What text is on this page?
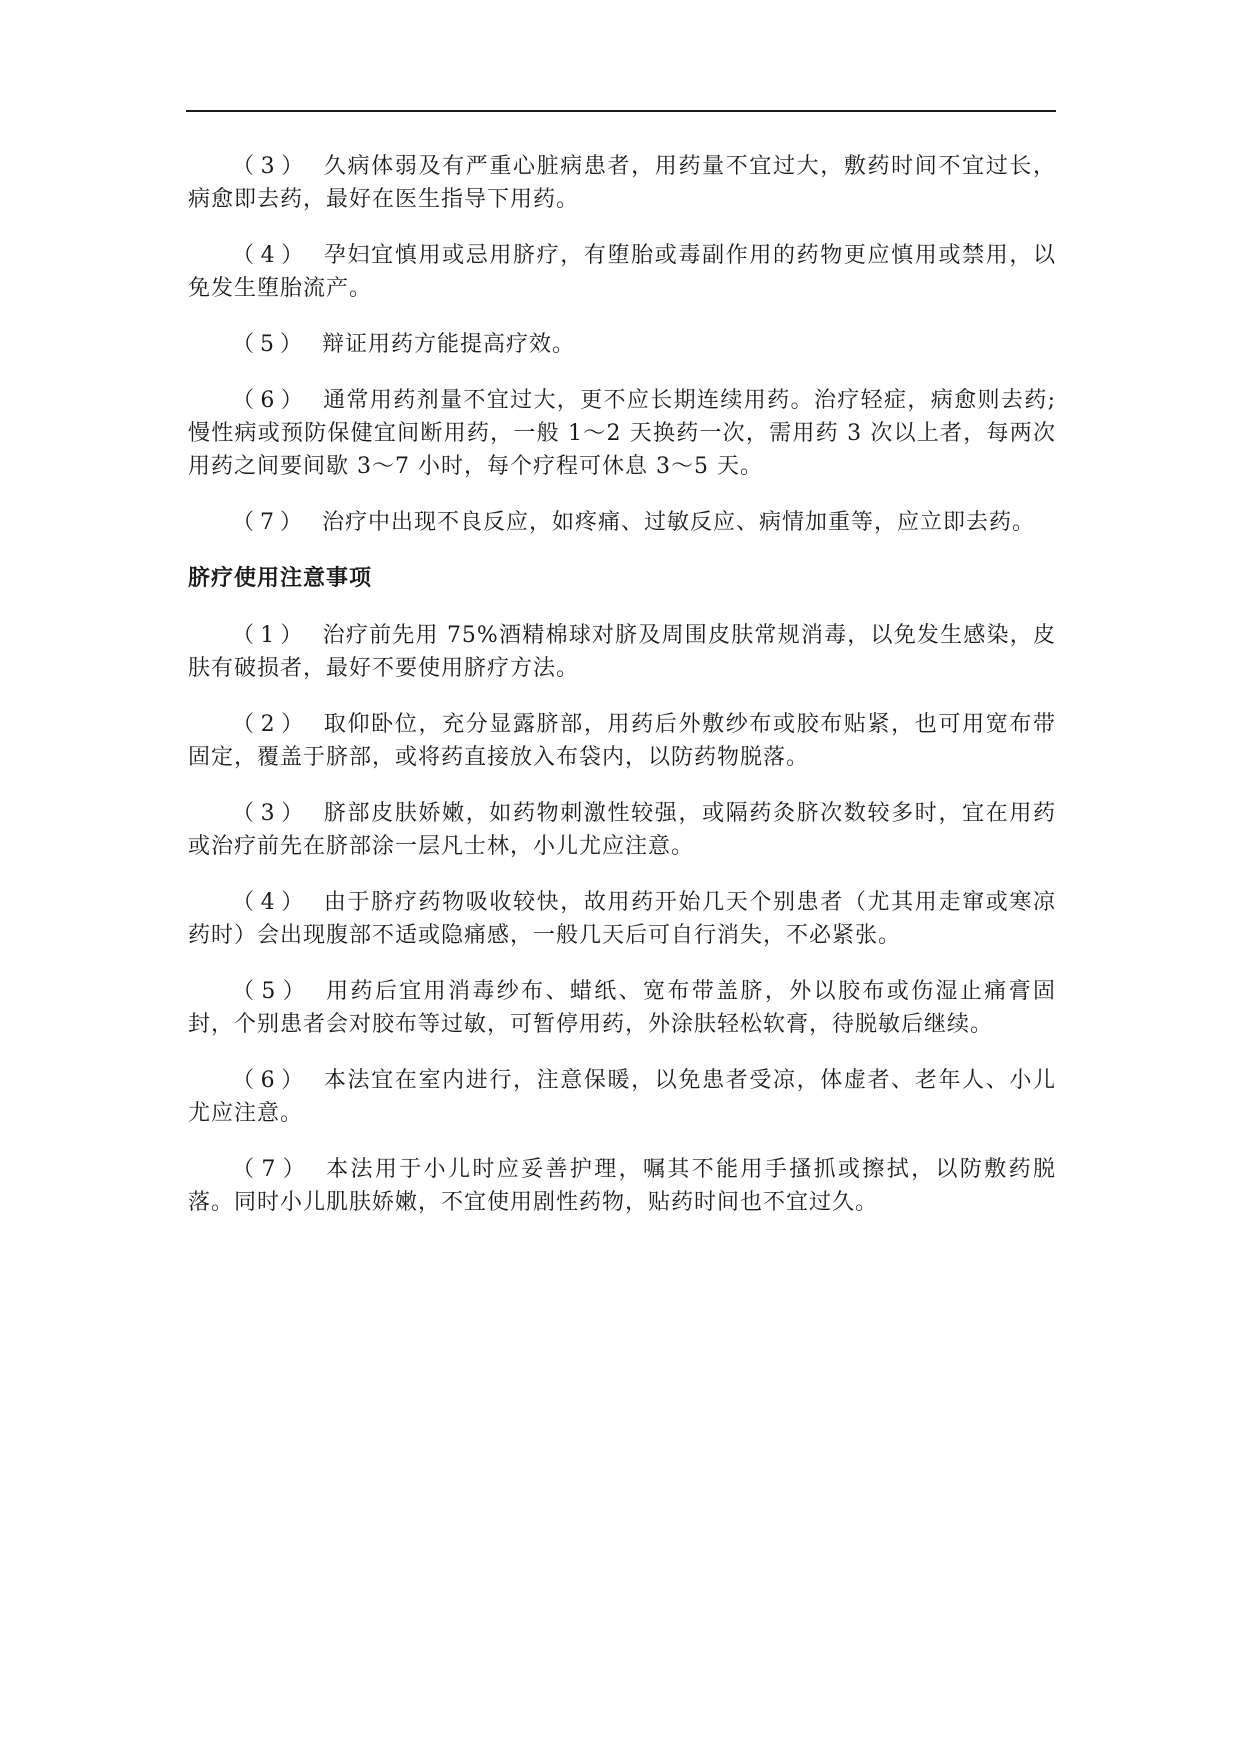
（3） 久病体弱及有严重心脏病患者，用药量不宜过大，敷药时间不宜过长，病愈即去药，最好在医生指导下用药。

（4） 孕妇宜慎用或忌用脐疗，有堕胎或毒副作用的药物更应慎用或禁用，以免发生堕胎流产。

（5） 辩证用药方能提高疗效。

（6） 通常用药剂量不宜过大，更不应长期连续用药。治疗轻症，病愈则去药; 慢性病或预防保健宜间断用药，一般 1～2 天换药一次，需用药 3 次以上者，每两次用药之间要间歇 3～7 小时，每个疗程可休息 3～5 天。

（7） 治疗中出现不良反应，如疼痛、过敏反应、病情加重等，应立即去药。

脐疗使用注意事项

（1） 治疗前先用 75%酒精棉球对脐及周围皮肤常规消毒，以免发生感染，皮肤有破损者，最好不要使用脐疗方法。

（2） 取仰卧位，充分显露脐部，用药后外敷纱布或胶布贴紧，也可用宽布带固定，覆盖于脐部，或将药直接放入布袋内，以防药物脱落。

（3） 脐部皮肤娇嫩，如药物刺激性较强，或隔药灸脐次数较多时，宜在用药或治疗前先在脐部涂一层凡士林，小儿尤应注意。

（4） 由于脐疗药物吸收较快，故用药开始几天个别患者（尤其用走窜或寒凉药时）会出现腹部不适或隐痛感，一般几天后可自行消失，不必紧张。

（5） 用药后宜用消毒纱布、蜡纸、宽布带盖脐，外以胶布或伤湿止痛膏固封，个别患者会对胶布等过敏，可暂停用药，外涂肤轻松软膏，待脱敏后继续。

（6） 本法宜在室内进行，注意保暖，以免患者受凉，体虚者、老年人、小儿尤应注意。

（7） 本法用于小儿时应妥善护理，嘱其不能用手搔抓或擦拭，以防敷药脱落。同时小儿肌肤娇嫩，不宜使用剧性药物，贴药时间也不宜过久。
